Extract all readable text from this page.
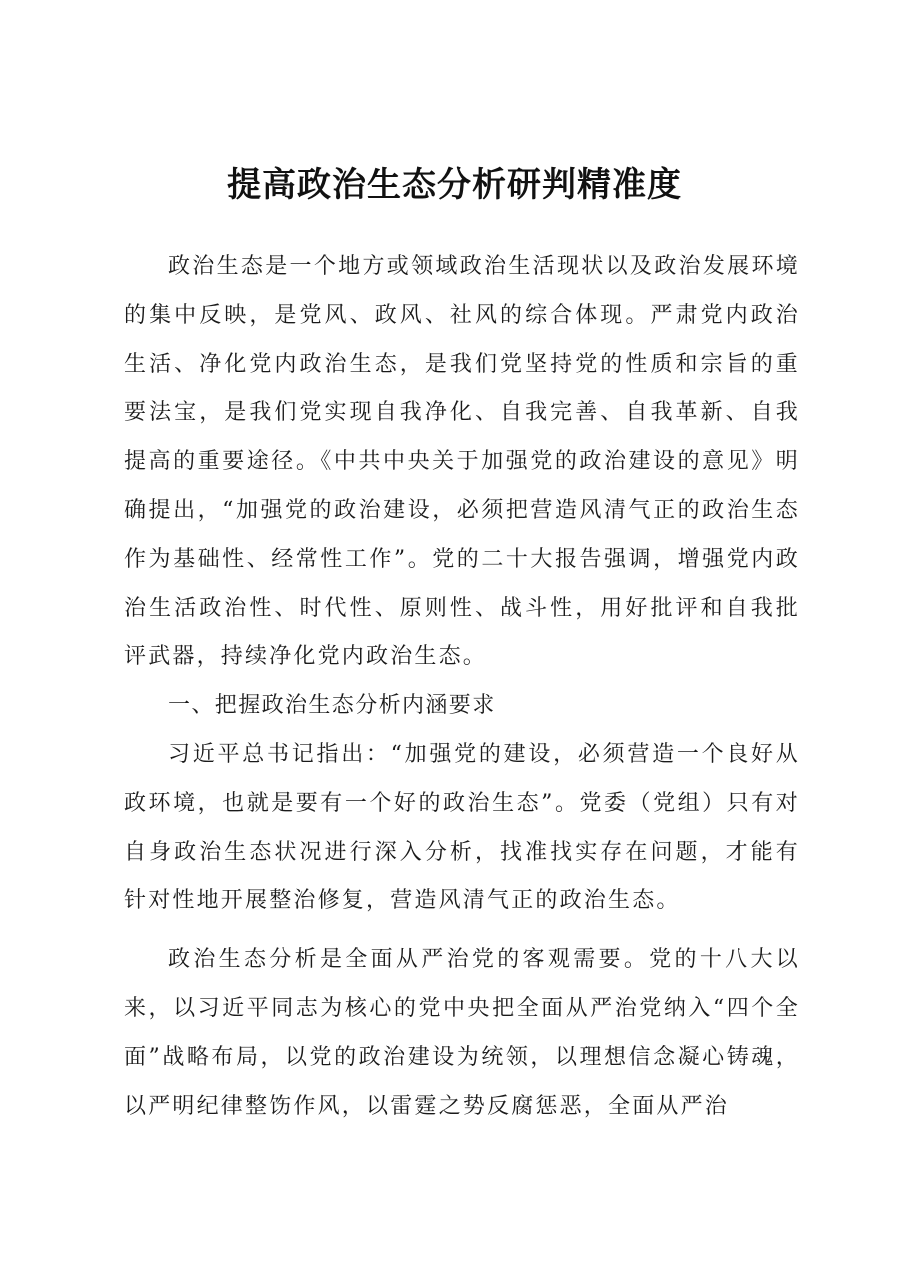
提高政治生态分析研判精准度

政治生态是一个地方或领域政治生活现状以及政治发展环境的集中反映，是党风、政风、社风的综合体现。严肃党内政治生活、净化党内政治生态，是我们党坚持党的性质和宗旨的重要法宝，是我们党实现自我净化、自我完善、自我革新、自我提高的重要途径。《中共中央关于加强党的政治建设的意见》明确提出，“加强党的政治建设，必须把营造风清气正的政治生态作为基础性、经常性工作”。党的二十大报告强调，增强党内政治生活政治性、时代性、原则性、战斗性，用好批评和自我批评武器，持续净化党内政治生态。

一、把握政治生态分析内涵要求

习近平总书记指出：“加强党的建设，必须营造一个良好从政环境，也就是要有一个好的政治生态”。党委（党组）只有对自身政治生态状况进行深入分析，找准找实存在问题，才能有针对性地开展整治修复，营造风清气正的政治生态。

政治生态分析是全面从严治党的客观需要。党的十八大以来，以习近平同志为核心的党中央把全面从严治党纳入“四个全面”战略布局，以党的政治建设为统领，以理想信念凝心铸魂，以严明纪律整饬作风，以雷霆之势反腐惩恶，全面从严治
